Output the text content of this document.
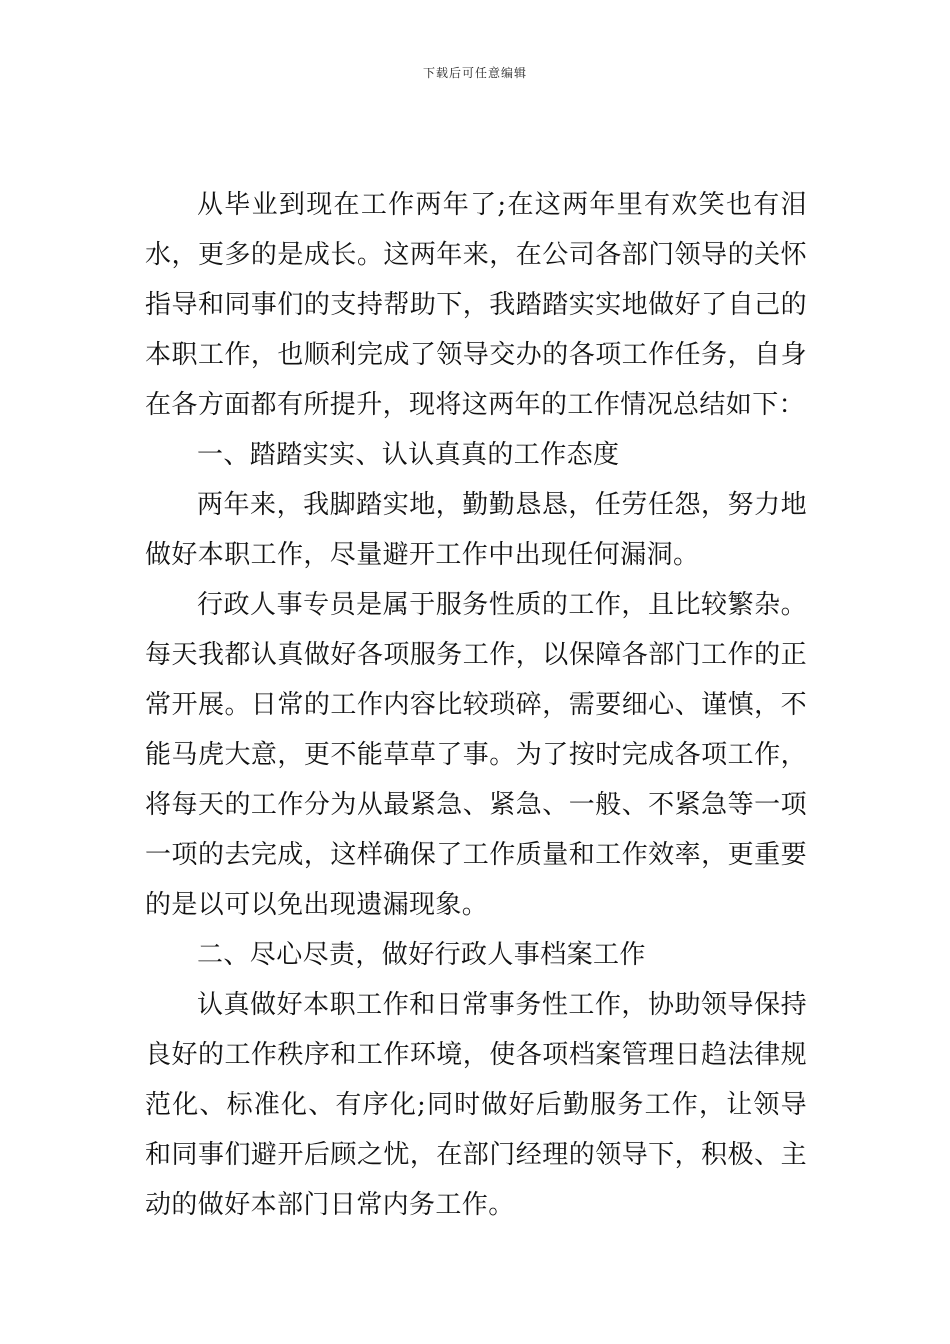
下载后可任意编辑

从毕业到现在工作两年了;在这两年里有欢笑也有泪水，更多的是成长。这两年来，在公司各部门领导的关怀指导和同事们的支持帮助下，我踏踏实实地做好了自己的本职工作，也顺利完成了领导交办的各项工作任务，自身在各方面都有所提升，现将这两年的工作情况总结如下：

一、踏踏实实、认认真真的工作态度

两年来，我脚踏实地，勤勤恳恳，任劳任怨，努力地做好本职工作，尽量避开工作中出现任何漏洞。

行政人事专员是属于服务性质的工作，且比较繁杂。每天我都认真做好各项服务工作，以保障各部门工作的正常开展。日常的工作内容比较琐碎，需要细心、谨慎，不能马虎大意，更不能草草了事。为了按时完成各项工作，将每天的工作分为从最紧急、紧急、一般、不紧急等一项一项的去完成，这样确保了工作质量和工作效率，更重要的是以可以免出现遗漏现象。

二、尽心尽责，做好行政人事档案工作

认真做好本职工作和日常事务性工作，协助领导保持良好的工作秩序和工作环境，使各项档案管理日趋法律规范化、标准化、有序化;同时做好后勤服务工作，让领导和同事们避开后顾之忧，在部门经理的领导下，积极、主动的做好本部门日常内务工作。
